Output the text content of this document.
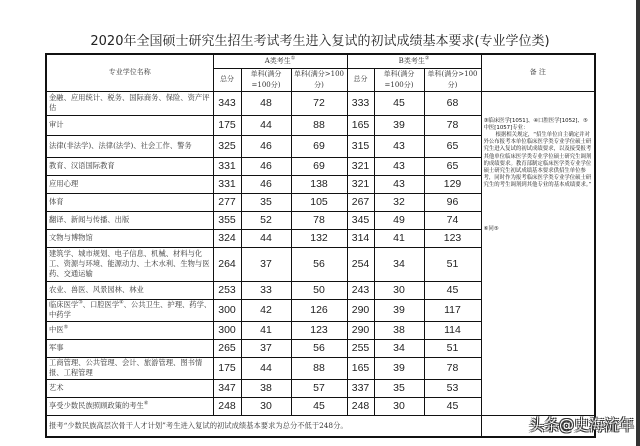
2020年全国硕士研究生招生考试考生进入复试的初试成绩基本要求(专业学位类)
专业学位名称	A类考生①			B类考生②			备 注
	总分	单科(满分=100分)	单科(满分>100分)	总分	单科(满分=100分)	单科(满分>100分)	
金融、应用统计、税务、国际商务、保险、资产评估	343	48	72	333	45	68	③临床医学[1051]、④口腔医学[1052]、⑤中医[1057]专业：

根据相关规定，“招生单位自主确定并对外公布报考本单位临床医学类专业学位硕士研究生进入复试的初试成绩要求，以及接受报考其他单位临床医学类专业学位硕士研究生调剂的成绩要求。教育部制定临床医学类专业学位硕士研究生初试成绩基本要求供招生单位参考，同时作为报考临床医学类专业学位硕士研究生的考生调剂到其他专业的基本成绩要求。”

⑥同⑤

审计	175	44	88	165	39	78	
法律(非法学)、法律(法学)、社会工作、警务	325	46	69	315	43	65	
教育、汉语国际教育	331	46	69	321	43	65	
应用心理	331	46	138	321	43	129	
体育	277	35	105	267	32	96	
翻译、新闻与传播、出版	355	52	78	345	49	74	
文物与博物馆	324	44	132	314	41	123	
建筑学、城市规划、电子信息、机械、材料与化工、资源与环境、能源动力、土木水利、生物与医药、交通运输	264	37	56	254	34	51	
农业、兽医、风景园林、林业	253	33	50	243	30	45	
临床医学③、口腔医学④、公共卫生、护理、药学、中药学	300	42	126	290	39	117	
中医⑤	300	41	123	290	38	114	
军事	265	37	56	255	34	51	
工商管理、公共管理、会计、旅游管理、图书情报、工程管理	175	44	88	165	39	78	
艺术	347	38	57	337	35	53	
享受少数民族照顾政策的考生⑥	248	30	45	248	30	45	
报考“少数民族高层次骨干人才计划”考生进入复试的初试成绩基本要求为总分不低于248分。								头条@史海流年
